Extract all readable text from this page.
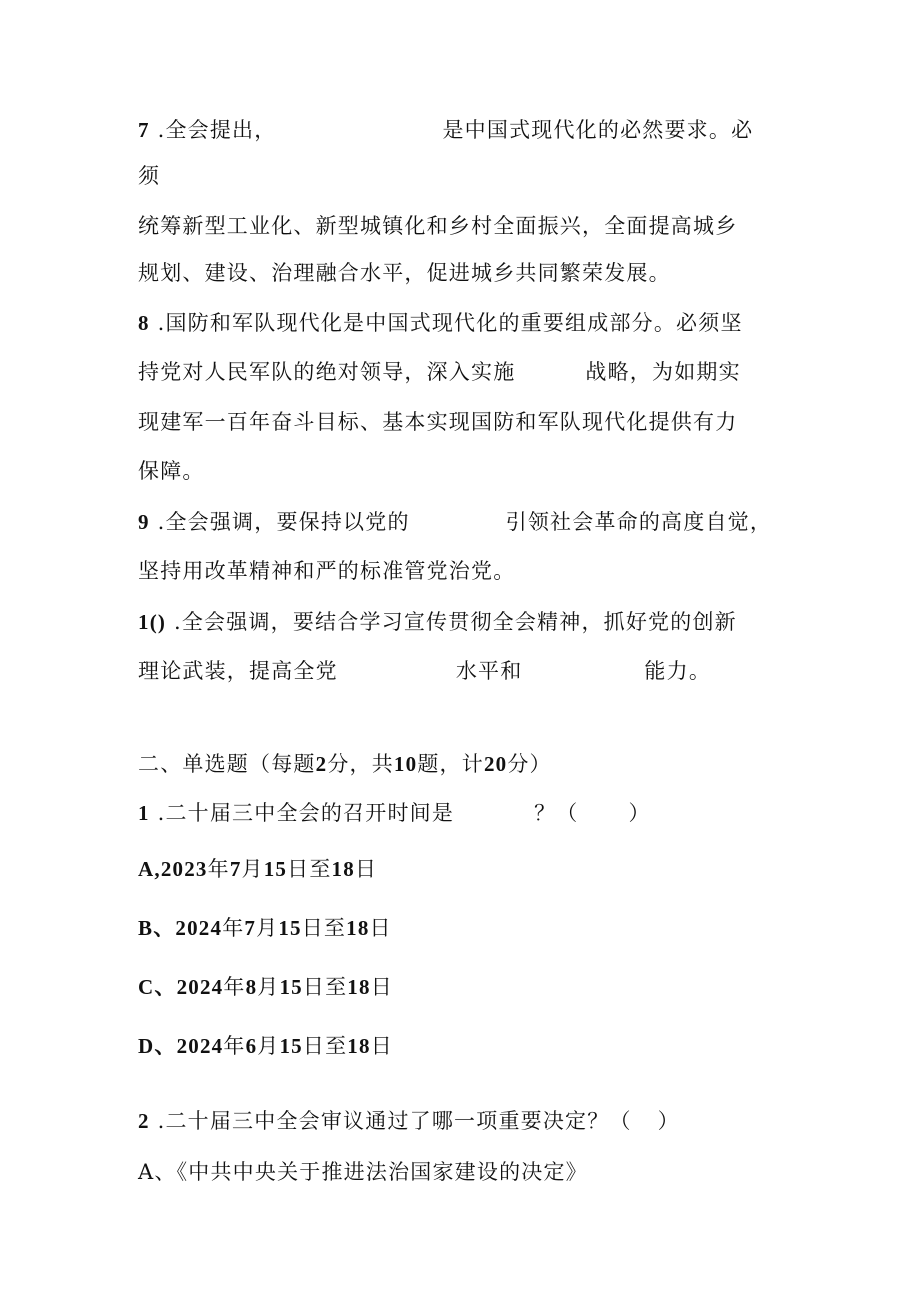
7 .全会提出，	是中国式现代化的必然要求。必
须
统筹新型工业化、新型城镇化和乡村全面振兴，全面提高城乡
规划、建设、治理融合水平，促进城乡共同繁荣发展。
8 .国防和军队现代化是中国式现代化的重要组成部分。必须坚
持党对人民军队的绝对领导，深入实施	战略，为如期实
现建军一百年奋斗目标、基本实现国防和军队现代化提供有力
保障。
9 .全会强调，要保持以党的	引领社会革命的高度自觉，
坚持用改革精神和严的标准管党治党。
1() .全会强调，要结合学习宣传贯彻全会精神，抓好党的创新
理论武装，提高全党	水平和	能力。
二、单选题（每题2分，共10题，计20分）
1 .二十届三中全会的召开时间是	？（ ）
A,2023年7月15日至18日
B、2024年7月15日至18日
C、2024年8月15日至18日
D、2024年6月15日至18日
2 .二十届三中全会审议通过了哪一项重要决定？（ ）
A、《中共中央关于推进法治国家建设的决定》
